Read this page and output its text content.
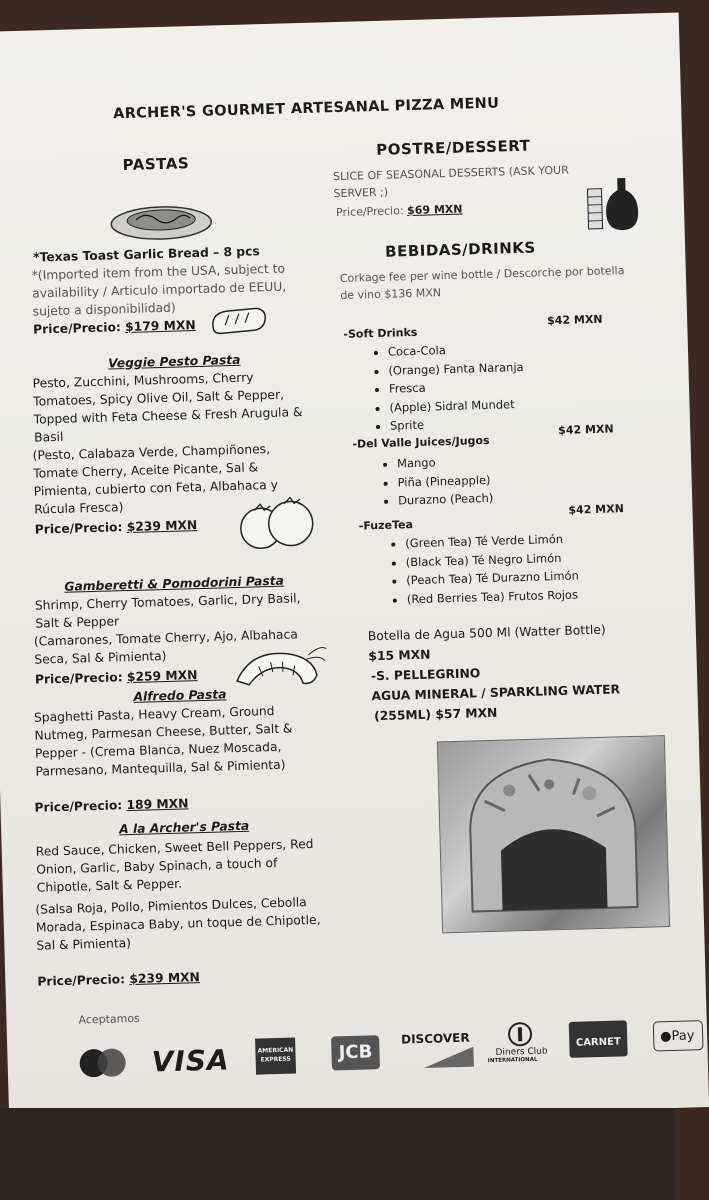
ARCHER'S GOURMET ARTESANAL PIZZA MENU
PASTAS
*Texas Toast Garlic Bread – 8 pcs
*(Imported item from the USA, subject to availability / Articulo importado de EEUU, sujeto a disponibilidad)
Price/Precio: $179 MXN
Veggie Pesto Pasta
Pesto, Zucchini, Mushrooms, Cherry Tomatoes, Spicy Olive Oil, Salt & Pepper, Topped with Feta Cheese & Fresh Arugula & Basil
(Pesto, Calabaza Verde, Champiñones, Tomate Cherry, Aceite Picante, Sal & Pimienta, cubierto con Feta, Albahaca y Rúcula Fresca)
Price/Precio: $239 MXN
Gamberetti & Pomodorini Pasta
Shrimp, Cherry Tomatoes, Garlic, Dry Basil, Salt & Pepper
(Camarones, Tomate Cherry, Ajo, Albahaca Seca, Sal & Pimienta)
Price/Precio: $259 MXN
Alfredo Pasta
Spaghetti Pasta, Heavy Cream, Ground Nutmeg, Parmesan Cheese, Butter, Salt & Pepper - (Crema Blanca, Nuez Moscada, Parmesano, Mantequilla, Sal & Pimienta)
Price/Precio: 189 MXN
A la Archer's Pasta
Red Sauce, Chicken, Sweet Bell Peppers, Red Onion, Garlic, Baby Spinach, a touch of Chipotle, Salt & Pepper.
(Salsa Roja, Pollo, Pimientos Dulces, Cebolla Morada, Espinaca Baby, un toque de Chipotle, Sal & Pimienta)
Price/Precio: $239 MXN
POSTRE/DESSERT
SLICE OF SEASONAL DESSERTS (ASK YOUR SERVER ;)
Price/Precio: $69 MXN
BEBIDAS/DRINKS
Corkage fee per wine bottle / Descorche por botella de vino $136 MXN
-Soft Drinks
$42 MXN
• Coca-Cola
• (Orange) Fanta Naranja
• Fresca
• (Apple) Sidral Mundet
• Sprite
-Del Valle Juices/Jugos
$42 MXN
• Mango
• Piña (Pineapple)
• Durazno (Peach)
-FuzeTea
$42 MXN
• (Green Tea) Té Verde Limón
• (Black Tea) Té Negro Limón
• (Peach Tea) Té Durazno Limón
• (Red Berries Tea) Frutos Rojos
Botella de Agua 500 Ml (Watter Bottle)
$15 MXN
-S. PELLEGRINO
AGUA MINERAL / SPARKLING WATER
(255ML) $57 MXN
Aceptamos
VISA	AMERICAN EXPRESS	JCB
DISCOVER
Diners Club
INTERNATIONAL
CARNET	●Pay
